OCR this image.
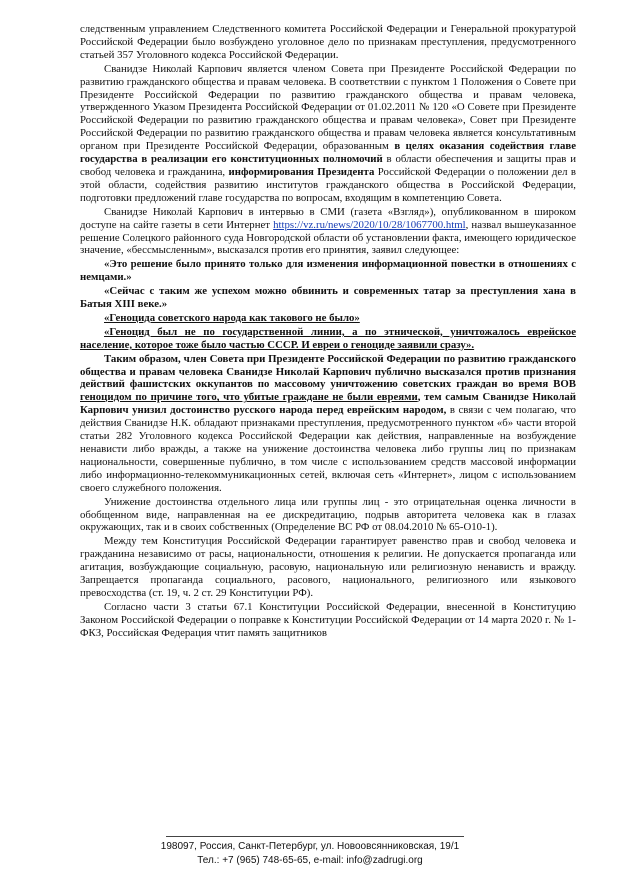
следственным управлением Следственного комитета Российской Федерации и Генеральной прокуратурой Российской Федерации было возбуждено уголовное дело по признакам преступления, предусмотренного статьей 357 Уголовного кодекса Российской Федерации.

Сванидзе Николай Карпович является членом Совета при Президенте Российской Федерации по развитию гражданского общества и правам человека. В соответствии с пунктом 1 Положения о Совете при Президенте Российской Федерации по развитию гражданского общества и правам человека, утвержденного Указом Президента Российской Федерации от 01.02.2011 № 120 «О Совете при Президенте Российской Федерации по развитию гражданского общества и правам человека», Совет при Президенте Российской Федерации по развитию гражданского общества и правам человека является консультативным органом при Президенте Российской Федерации, образованным в целях оказания содействия главе государства в реализации его конституционных полномочий в области обеспечения и защиты прав и свобод человека и гражданина, информирования Президента Российской Федерации о положении дел в этой области, содействия развитию институтов гражданского общества в Российской Федерации, подготовки предложений главе государства по вопросам, входящим в компетенцию Совета.

Сванидзе Николай Карпович в интервью в СМИ (газета «Взгляд»), опубликованном в широком доступе на сайте газеты в сети Интернет https://vz.ru/news/2020/10/28/1067700.html, назвал вышеуказанное решение Солецкого районного суда Новгородской области об установлении факта, имеющего юридическое значение, «бессмысленным», высказался против его принятия, заявил следующее:

«Это решение было принято только для изменения информационной повестки в отношениях с немцами.»

«Сейчас с таким же успехом можно обвинить и современных татар за преступления хана в Батыя XIII веке.»

«Геноцида советского народа как такового не было»

«Геноцид был не по государственной линии, а по этнической, уничтожалось еврейское население, которое тоже было частью СССР. И евреи о геноциде заявили сразу».

Таким образом, член Совета при Президенте Российской Федерации по развитию гражданского общества и правам человека Сванидзе Николай Карпович публично высказался против признания действий фашистских оккупантов по массовому уничтожению советских граждан во время ВОВ геноцидом по причине того, что убитые граждане не были евреями, тем самым Сванидзе Николай Карпович унизил достоинство русского народа перед еврейским народом, в связи с чем полагаю, что действия Сванидзе Н.К. обладают признаками преступления, предусмотренного пунктом «б» части второй статьи 282 Уголовного кодекса Российской Федерации как действия, направленные на возбуждение ненависти либо вражды, а также на унижение достоинства человека либо группы лиц по признакам национальности, совершенные публично, в том числе с использованием средств массовой информации либо информационно-телекоммуникационных сетей, включая сеть «Интернет», лицом с использованием своего служебного положения.

Унижение достоинства отдельного лица или группы лиц - это отрицательная оценка личности в обобщенном виде, направленная на ее дискредитацию, подрыв авторитета человека как в глазах окружающих, так и в своих собственных (Определение ВС РФ от 08.04.2010 № 65-О10-1).

Между тем Конституция Российской Федерации гарантирует равенство прав и свобод человека и гражданина независимо от расы, национальности, отношения к религии. Не допускается пропаганда или агитация, возбуждающие социальную, расовую, национальную или религиозную ненависть и вражду. Запрещается пропаганда социального, расового, национального, религиозного или языкового превосходства (ст. 19, ч. 2 ст. 29 Конституции РФ).

Согласно части 3 статьи 67.1 Конституции Российской Федерации, внесенной в Конституцию Законом Российской Федерации о поправке к Конституции Российской Федерации от 14 марта 2020 г. № 1-ФКЗ, Российская Федерация чтит память защитников

198097, Россия, Санкт-Петербург, ул. Новоовсянниковская, 19/1
Тел.: +7 (965) 748-65-65, e-mail: info@zadrugi.org
